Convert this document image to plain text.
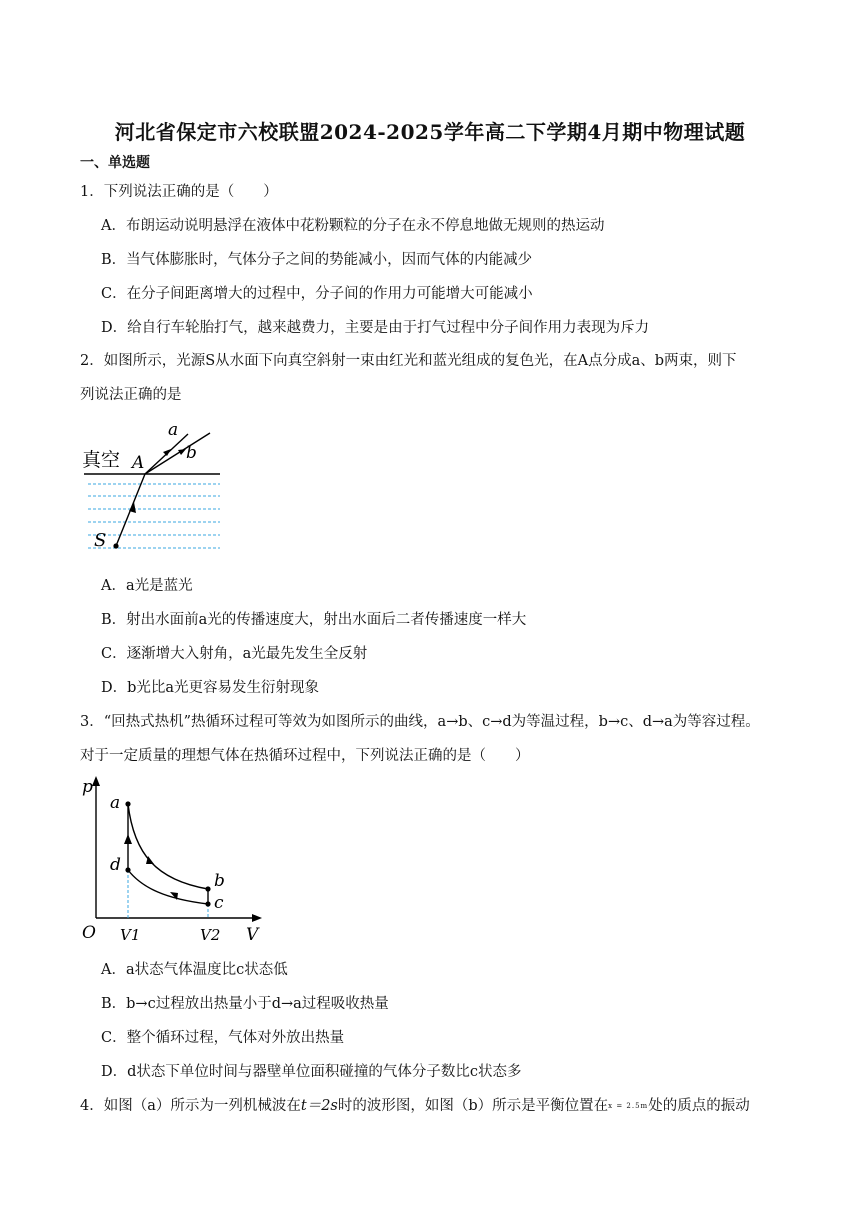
河北省保定市六校联盟2024-2025学年高二下学期4月期中物理试题
一、单选题
1．下列说法正确的是（　　）
A．布朗运动说明悬浮在液体中花粉颗粒的分子在永不停息地做无规则的热运动
B．当气体膨胀时，气体分子之间的势能减小，因而气体的内能减少
C．在分子间距离增大的过程中，分子间的作用力可能增大可能减小
D．给自行车轮胎打气，越来越费力，主要是由于打气过程中分子间作用力表现为斥力
2．如图所示，光源S从水面下向真空斜射一束由红光和蓝光组成的复色光，在A点分成a、b两束，则下
列说法正确的是
真空 A
a
b
S
A．a光是蓝光
B．射出水面前a光的传播速度大，射出水面后二者传播速度一样大
C．逐渐增大入射角，a光最先发生全反射
D．b光比a光更容易发生衍射现象
3．“回热式热机”热循环过程可等效为如图所示的曲线，a→b、c→d为等温过程，b→c、d→a为等容过程。
对于一定质量的理想气体在热循环过程中，下列说法正确的是（　　）
p
V
O
a
d
b
c
V1	V2
A．a状态气体温度比c状态低
B．b→c过程放出热量小于d→a过程吸收热量
C．整个循环过程，气体对外放出热量
D．d状态下单位时间与器壁单位面积碰撞的气体分子数比c状态多
4．如图（a）所示为一列机械波在t＝2s时的波形图，如图（b）所示是平衡位置在x = 2.5m处的质点的振动
